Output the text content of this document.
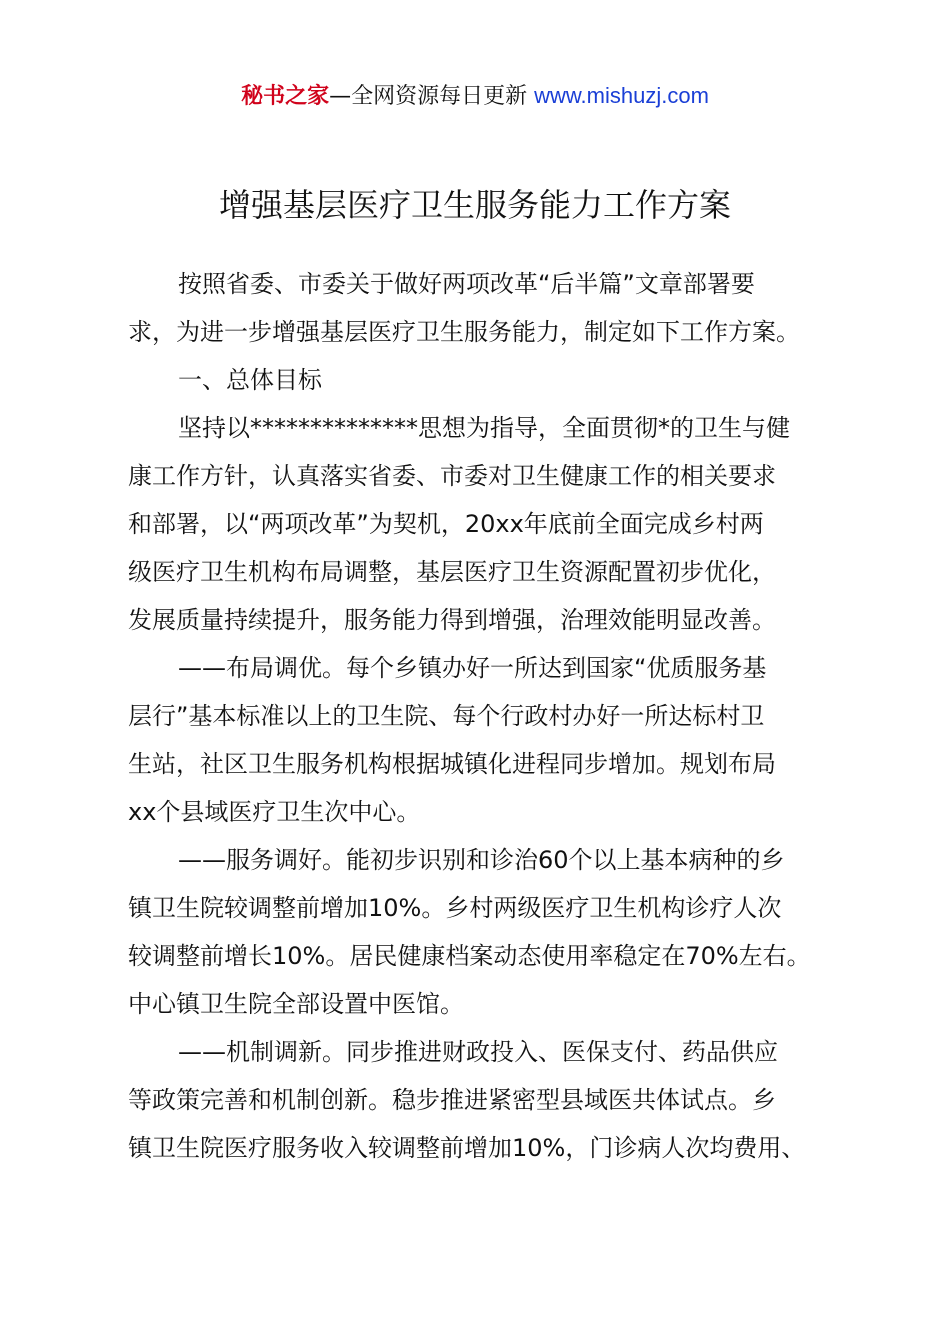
秘书之家—全网资源每日更新 www.mishuzj.com
增强基层医疗卫生服务能力工作方案
按照省委、市委关于做好两项改革“后半篇”文章部署要
求，为进一步增强基层医疗卫生服务能力，制定如下工作方案。
一、总体目标
坚持以**************思想为指导，全面贯彻*的卫生与健
康工作方针，认真落实省委、市委对卫生健康工作的相关要求
和部署，以“两项改革”为契机，20xx年底前全面完成乡村两
级医疗卫生机构布局调整，基层医疗卫生资源配置初步优化，
发展质量持续提升，服务能力得到增强，治理效能明显改善。
——布局调优。每个乡镇办好一所达到国家“优质服务基
层行”基本标准以上的卫生院、每个行政村办好一所达标村卫
生站，社区卫生服务机构根据城镇化进程同步增加。规划布局
xx个县域医疗卫生次中心。
——服务调好。能初步识别和诊治60个以上基本病种的乡
镇卫生院较调整前增加10%。乡村两级医疗卫生机构诊疗人次
较调整前增长10%。居民健康档案动态使用率稳定在70%左右。
中心镇卫生院全部设置中医馆。
——机制调新。同步推进财政投入、医保支付、药品供应
等政策完善和机制创新。稳步推进紧密型县域医共体试点。乡
镇卫生院医疗服务收入较调整前增加10%，门诊病人次均费用、
